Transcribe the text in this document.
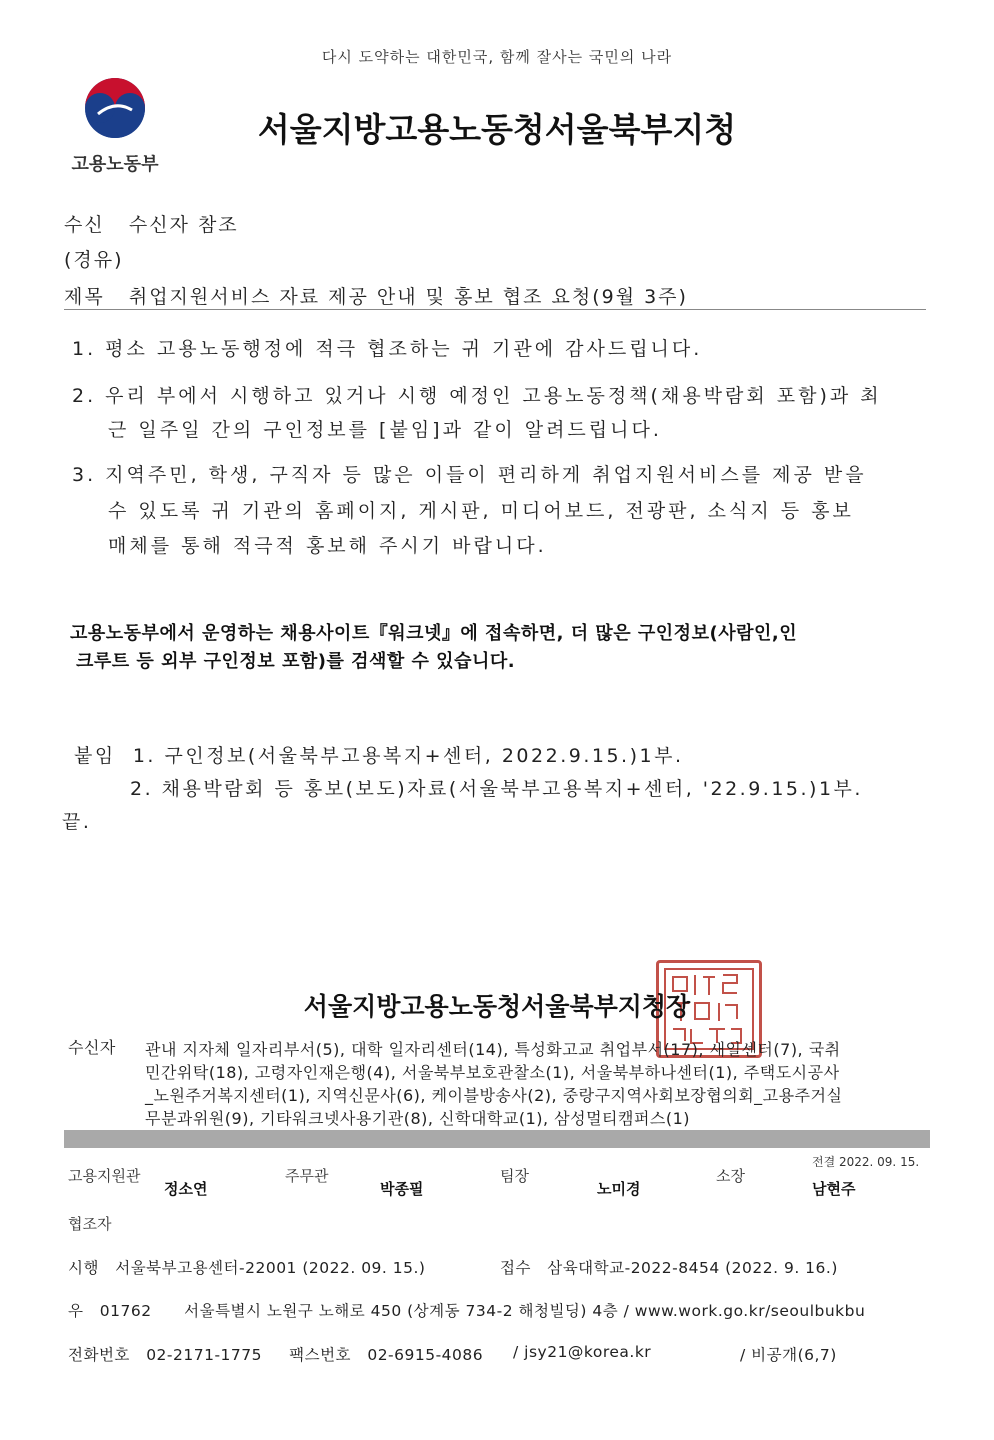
다시 도약하는 대한민국, 함께 잘사는 국민의 나라
고용노동부
서울지방고용노동청서울북부지청
수신 수신자 참조
(경유)
제목 취업지원서비스 자료 제공 안내 및 홍보 협조 요청(9월 3주)
1. 평소 고용노동행정에 적극 협조하는 귀 기관에 감사드립니다.
2. 우리 부에서 시행하고 있거나 시행 예정인 고용노동정책(채용박람회 포함)과 최
근 일주일 간의 구인정보를 [붙임]과 같이 알려드립니다.
3. 지역주민, 학생, 구직자 등 많은 이들이 편리하게 취업지원서비스를 제공 받을
수 있도록 귀 기관의 홈페이지, 게시판, 미디어보드, 전광판, 소식지 등 홍보
매체를 통해 적극적 홍보해 주시기 바랍니다.
고용노동부에서 운영하는 채용사이트『워크넷』에 접속하면, 더 많은 구인정보(사람인,인
크루트 등 외부 구인정보 포함)를 검색할 수 있습니다.
붙임 1. 구인정보(서울북부고용복지+센터, 2022.9.15.)1부.
2. 채용박람회 등 홍보(보도)자료(서울북부고용복지+센터, '22.9.15.)1부.
끝.
서울지방고용노동청서울북부지청장
수신자 관내 지자체 일자리부서(5), 대학 일자리센터(14), 특성화고교 취업부서(17), 새일센터(7), 국취
민간위탁(18), 고령자인재은행(4), 서울북부보호관찰소(1), 서울북부하나센터(1), 주택도시공사
_노원주거복지센터(1), 지역신문사(6), 케이블방송사(2), 중랑구지역사회보장협의회_고용주거실
무분과위원(9), 기타워크넷사용기관(8), 신학대학교(1), 삼성멀티캠퍼스(1)
전결 2022. 09. 15.
고용지원관
정소연
주무관
박종필
팀장
노미경
소장
남현주
협조자
시행 서울북부고용센터-22001 (2022. 09. 15.)	접수 삼육대학교-2022-8454 (2022. 9. 16.)
우 01762 서울특별시 노원구 노해로 450 (상계동 734-2 해청빌딩) 4층 / www.work.go.kr/seoulbukbu
전화번호 02-2171-1775 팩스번호 02-6915-4086 / jsy21@korea.kr	/ 비공개(6,7)
